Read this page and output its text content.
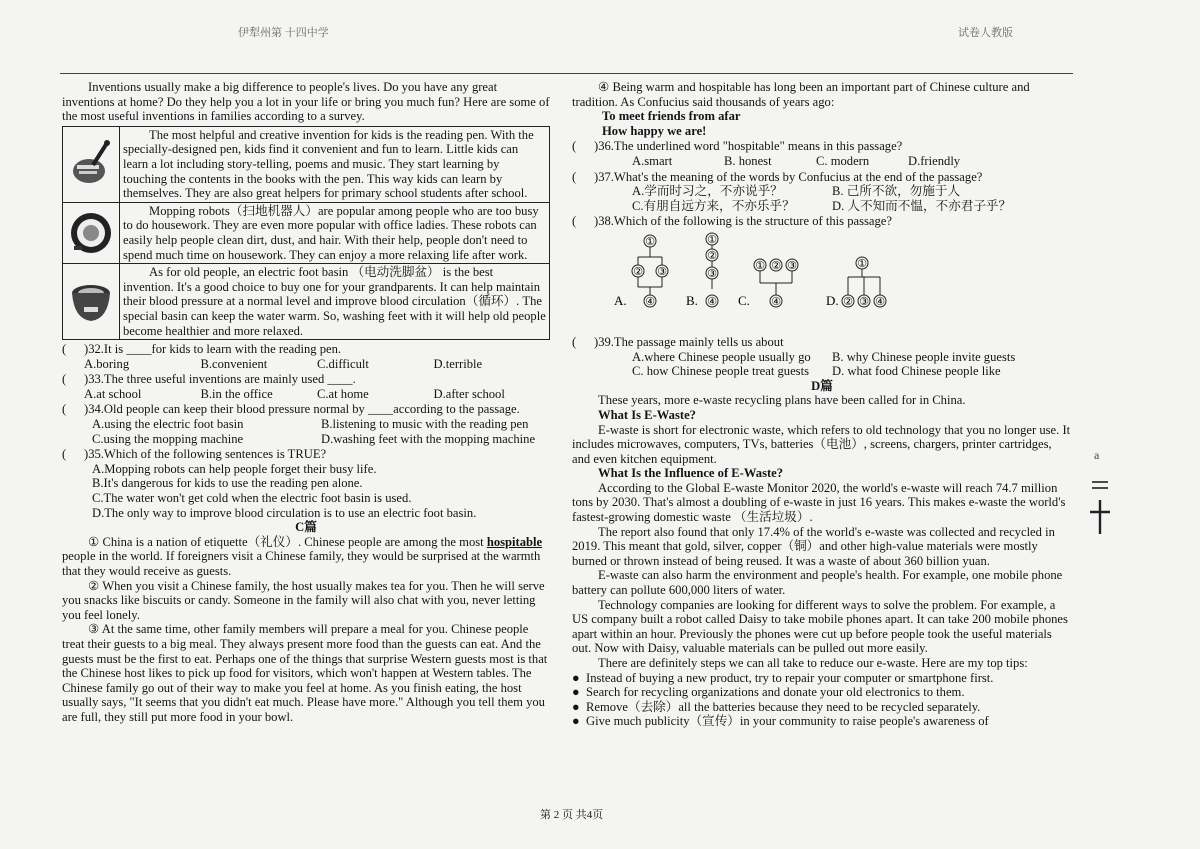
伊犁州第 十四中学	试卷人教版

Inventions usually make a big difference to people's lives. Do you have any great inventions at home? Do they help you a lot in your life or bring you much fun? Here are some of the most useful inventions in families according to a survey.

The most helpful and creative invention for kids is the reading pen. With the specially-designed pen, kids find it convenient and fun to learn. Little kids can learn a lot including story-telling, poems and music. They start learning by touching the contents in the books with the pen. This way kids can learn by themselves. They are also great helpers for primary school students after school.
Mopping robots（扫地机器人）are popular among people who are too busy to do housework. They are even more popular with office ladies. These robots can easily help people clean dirt, dust, and hair. With their help, people don't need to spend much time on housework. They can enjoy a more relaxing life after work.
As for old people, an electric foot basin （电动洗脚盆） is the best invention. It's a good choice to buy one for your grandparents. It can help maintain their blood pressure at a normal level and improve blood circulation（循环）. The special basin can keep the water warm. So, washing feet with it will help old people become healthier and more relaxed.
(	)32.It is ____for kids to learn with the reading pen.
A.boring	B.convenient	C.difficult	D.terrible
(	)33.The three useful inventions are mainly used ____.
A.at school	B.in the office	C.at home	D.after school
(	)34.Old people can keep their blood pressure normal by ____according to the passage.
A.using the electric foot basin	B.listening to music with the reading pen
C.using the mopping machine	D.washing feet with the mopping machine
(	)35.Which of the following sentences is TRUE?

A.Mopping robots can help people forget their busy life.

B.It's dangerous for kids to use the reading pen alone.

C.The water won't get cold when the electric foot basin is used.

D.The only way to improve blood circulation is to use an electric foot basin.

C篇

① China is a nation of etiquette（礼仪）. Chinese people are among the most hospitable people in the world. If foreigners visit a Chinese family, they would be surprised at the warmth that they would receive as guests.

② When you visit a Chinese family, the host usually makes tea for you. Then he will serve you snacks like biscuits or candy. Someone in the family will also chat with you, never letting you feel lonely.

③ At the same time, other family members will prepare a meal for you. Chinese people treat their guests to a big meal. They always present more food than the guests can eat. And the guests must be the first to eat. Perhaps one of the things that surprise Western guests most is that the Chinese host likes to pick up food for visitors, which won't happen at Western tables. The Chinese family go out of their way to make you feel at home. As you finish eating, the host usually says, "It seems that you didn't eat much. Please have more." Although you tell them you are full, they still put more food in your bowl.

④ Being warm and hospitable has long been an important part of Chinese culture and tradition. As Confucius said thousands of years ago:

To meet friends from afar

How happy we are!

(	)36.The underlined word "hospitable" means in this passage?
A.smart	B. honest	C. modern	D.friendly
(	)37.What's the meaning of the words by Confucius at the end of the passage?
A.学而时习之，不亦说乎？	B. 己所不欲，勿施于人
C.有朋自远方来，不亦乐乎？	D. 人不知而不愠，不亦君子乎？
(	)38.Which of the following is the structure of this passage?
①
② ③
④
A.
①
②
③
④
B.
① ② ③
④
C.
①
② ③ ④
D.
(	)39.The passage mainly tells us about
A.where Chinese people usually go	B. why Chinese people invite guests
C. how Chinese people treat guests	D. what food Chinese people like

D篇

These years, more e-waste recycling plans have been called for in China.

What Is E-Waste?

E-waste is short for electronic waste, which refers to old technology that you no longer use. It includes microwaves, computers, TVs, batteries（电池）, screens, chargers, printer cartridges, and even kitchen equipment.

What Is the Influence of E-Waste?

According to the Global E-waste Monitor 2020, the world's e-waste will reach 74.7 million tons by 2030. That's almost a doubling of e-waste in just 16 years. This makes e-waste the world's fastest-growing domestic waste （生活垃圾）.

The report also found that only 17.4% of the world's e-waste was collected and recycled in 2019. This meant that gold, silver, copper（铜）and other high-value materials were mostly burned or thrown instead of being reused. It was a waste of about 360 billion yuan.

E-waste can also harm the environment and people's health. For example, one mobile phone battery can pollute 600,000 liters of water.

Technology companies are looking for different ways to solve the problem. For example, a US company built a robot called Daisy to take mobile phones apart. It can take 200 mobile phones apart within an hour. Previously the phones were cut up before people took the useful materials out. Now with Daisy, valuable materials can be pulled out more easily.

There are definitely steps we can all take to reduce our e-waste. Here are my top tips:

● Instead of buying a new product, try to repair your computer or smartphone first.
● Search for recycling organizations and donate your old electronics to them.
● Remove（去除）all the batteries because they need to be recycled separately.
● Give much publicity（宣传）in your community to raise people's awareness of
第 2 页 共4页
a
